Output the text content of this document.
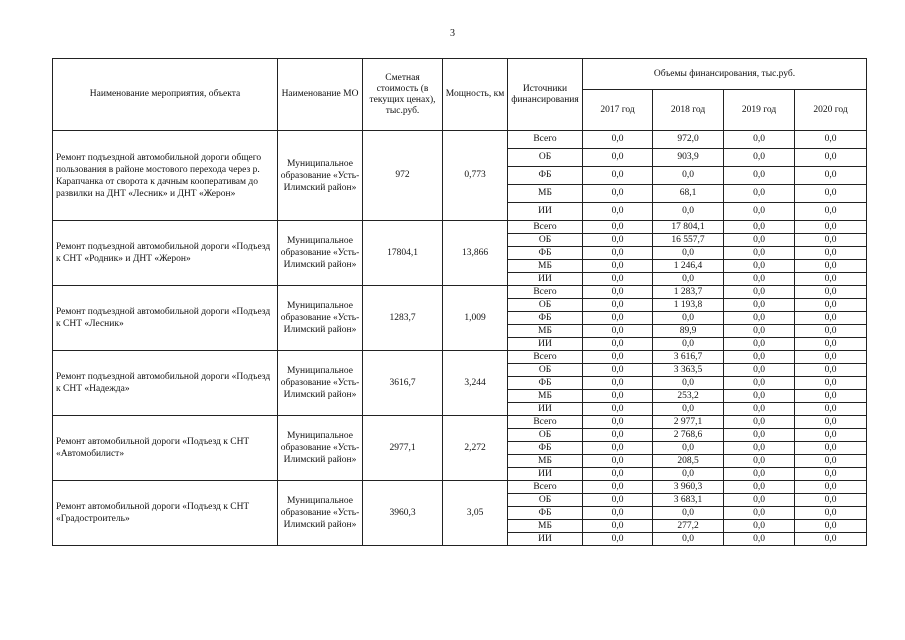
3
Наименование мероприятия, объекта	Наименование МО	Сметная стоимость (в текущих ценах), тыс.руб.	Мощность, км	Источники финансирования	Объемы финансирования, тыс.руб.			
					2017 год	2018 год	2019 год	2020 год
Ремонт подъездной автомобильной дороги общего пользования в районе мостового перехода через р. Карапчанка от сворота к дачным кооперативам до развилки на ДНТ «Лесник» и ДНТ «Жерон»	Муниципальное образование «Усть-Илимский район»	972	0,773	Всего	0,0	972,0	0,0	0,0
				ОБ	0,0	903,9	0,0	0,0
				ФБ	0,0	0,0	0,0	0,0
				МБ	0,0	68,1	0,0	0,0
				ИИ	0,0	0,0	0,0	0,0
Ремонт подъездной автомобильной дороги «Подъезд к СНТ «Родник» и ДНТ «Жерон»	Муниципальное образование «Усть-Илимский район»	17804,1	13,866	Всего	0,0	17 804,1	0,0	0,0
				ОБ	0,0	16 557,7	0,0	0,0
				ФБ	0,0	0,0	0,0	0,0
				МБ	0,0	1 246,4	0,0	0,0
				ИИ	0,0	0,0	0,0	0,0
Ремонт подъездной автомобильной дороги «Подъезд к СНТ «Лесник»	Муниципальное образование «Усть-Илимский район»	1283,7	1,009	Всего	0,0	1 283,7	0,0	0,0
				ОБ	0,0	1 193,8	0,0	0,0
				ФБ	0,0	0,0	0,0	0,0
				МБ	0,0	89,9	0,0	0,0
				ИИ	0,0	0,0	0,0	0,0
Ремонт подъездной автомобильной дороги «Подъезд к СНТ «Надежда»	Муниципальное образование «Усть-Илимский район»	3616,7	3,244	Всего	0,0	3 616,7	0,0	0,0
				ОБ	0,0	3 363,5	0,0	0,0
				ФБ	0,0	0,0	0,0	0,0
				МБ	0,0	253,2	0,0	0,0
				ИИ	0,0	0,0	0,0	0,0
Ремонт автомобильной дороги «Подъезд к СНТ «Автомобилист»	Муниципальное образование «Усть-Илимский район»	2977,1	2,272	Всего	0,0	2 977,1	0,0	0,0
				ОБ	0,0	2 768,6	0,0	0,0
				ФБ	0,0	0,0	0,0	0,0
				МБ	0,0	208,5	0,0	0,0
				ИИ	0,0	0,0	0,0	0,0
Ремонт автомобильной дороги «Подъезд к СНТ «Градостроитель»	Муниципальное образование «Усть-Илимский район»	3960,3	3,05	Всего	0,0	3 960,3	0,0	0,0
				ОБ	0,0	3 683,1	0,0	0,0
				ФБ	0,0	0,0	0,0	0,0
				МБ	0,0	277,2	0,0	0,0
				ИИ	0,0	0,0	0,0	0,0
